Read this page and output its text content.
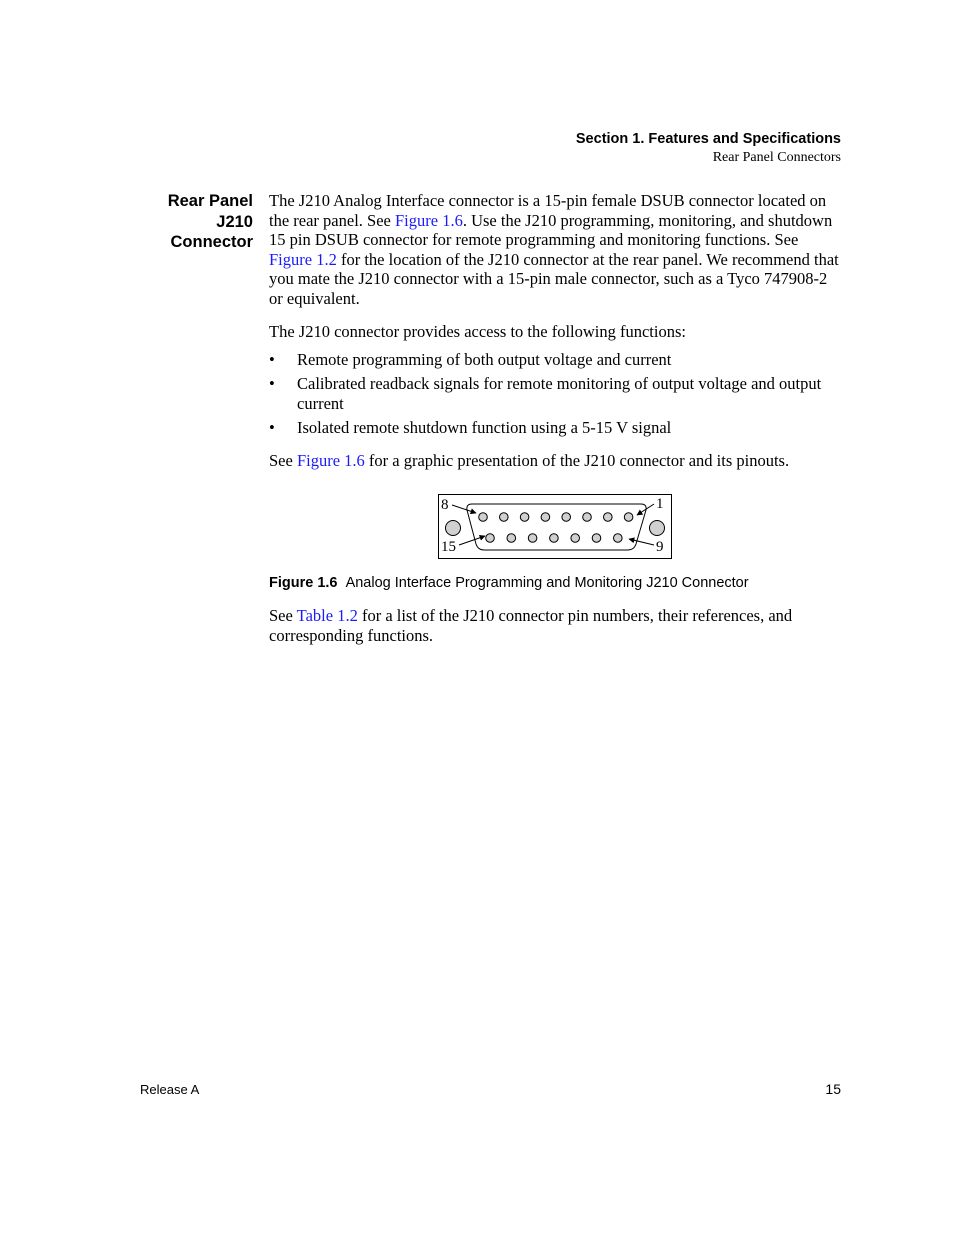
Section 1. Features and Specifications
Rear Panel Connectors
Rear Panel
J210
Connector

The J210 Analog Interface connector is a 15-pin female DSUB connector located on the rear panel. See Figure 1.6. Use the J210 programming, monitoring, and shutdown 15 pin DSUB connector for remote programming and monitoring functions. See Figure 1.2 for the location of the J210 connector at the rear panel. We recommend that you mate the J210 connector with a 15-pin male connector, such as a Tyco 747908-2 or equivalent.

The J210 connector provides access to the following functions:

• Remote programming of both output voltage and current
• Calibrated readback signals for remote monitoring of output voltage and output current
• Isolated remote shutdown function using a 5-15 V signal

See Figure 1.6 for a graphic presentation of the J210 connector and its pinouts.

8	1
15	9
Figure 1.6 Analog Interface Programming and Monitoring J210 Connector

See Table 1.2 for a list of the J210 connector pin numbers, their references, and corresponding functions.

Release A	15
